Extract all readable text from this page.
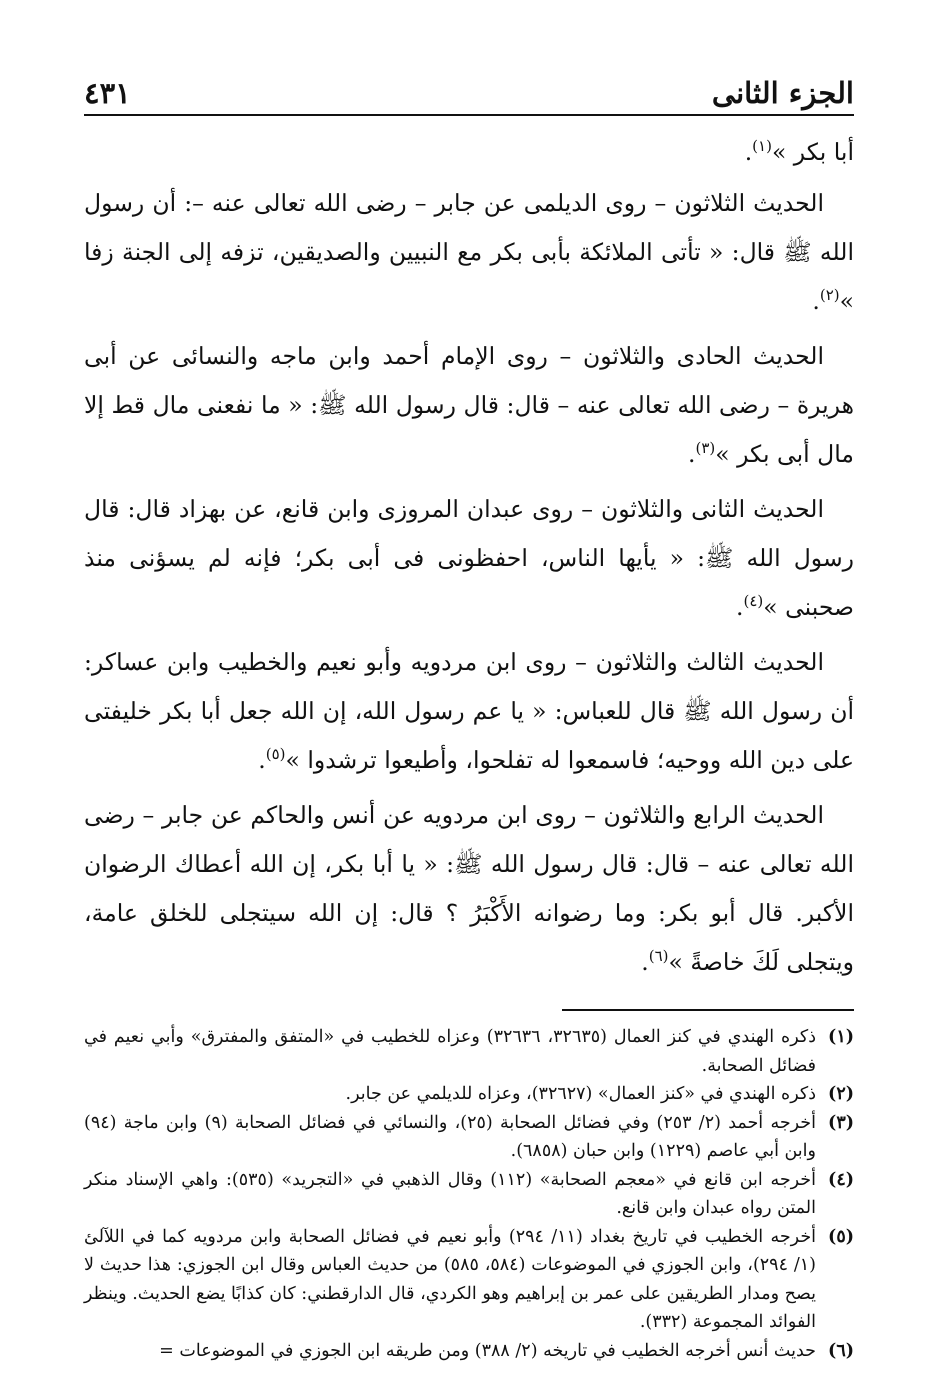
الجزء الثانى
٤٣١

أبا بكر »$^{(١)}$.

الحديث الثلاثون – روى الديلمى عن جابر – رضى الله تعالى عنه –: أن رسول الله ﷺ قال: « تأتى الملائكة بأبى بكر مع النبيين والصديقين، تزفه إلى الجنة زفا »$^{(٢)}$.

الحديث الحادى والثلاثون – روى الإمام أحمد وابن ماجه والنسائى عن أبى هريرة – رضى الله تعالى عنه – قال: قال رسول الله ﷺ: « ما نفعنى مال قط إلا مال أبى بكر »$^{(٣)}$.

الحديث الثانى والثلاثون – روى عبدان المروزى وابن قانع، عن بهزاد قال: قال رسول الله ﷺ: « يأيها الناس، احفظونى فى أبى بكر؛ فإنه لم يسؤنى منذ صحبنى »$^{(٤)}$.

الحديث الثالث والثلاثون – روى ابن مردويه وأبو نعيم والخطيب وابن عساكر: أن رسول الله ﷺ قال للعباس: « يا عم رسول الله، إن الله جعل أبا بكر خليفتى على دين الله ووحيه؛ فاسمعوا له تفلحوا، وأطيعوا ترشدوا »$^{(٥)}$.

الحديث الرابع والثلاثون – روى ابن مردويه عن أنس والحاكم عن جابر – رضى الله تعالى عنه – قال: قال رسول الله ﷺ: « يا أبا بكر، إن الله أعطاك الرضوان الأكبر. قال أبو بكر: وما رضوانه الأَكْبَرُ ؟ قال: إن الله سيتجلى للخلق عامة، ويتجلى لَكَ خاصةً »$^{(٦)}$.

(١)
ذكره الهندي في كنز العمال (٣٢٦٣٥، ٣٢٦٣٦) وعزاه للخطيب في «المتفق والمفترق» وأبي نعيم في فضائل الصحابة.
(٢)
ذكره الهندي في «كنز العمال» (٣٢٦٢٧)، وعزاه للديلمي عن جابر.
(٣)
أخرجه أحمد (٢/ ٢٥٣) وفي فضائل الصحابة (٢٥)، والنسائي في فضائل الصحابة (٩) وابن ماجة (٩٤) وابن أبي عاصم (١٢٢٩) وابن حبان (٦٨٥٨).
(٤)
أخرجه ابن قانع في «معجم الصحابة» (١١٢) وقال الذهبي في «التجريد» (٥٣٥): واهي الإسناد منكر المتن رواه عبدان وابن قانع.
(٥)
أخرجه الخطيب في تاريخ بغداد (١١/ ٢٩٤) وأبو نعيم في فضائل الصحابة وابن مردويه كما في اللآلئ (١/ ٢٩٤)، وابن الجوزي في الموضوعات (٥٨٤، ٥٨٥) من حديث العباس وقال ابن الجوزي: هذا حديث لا يصح ومدار الطريقين على عمر بن إبراهيم وهو الكردي، قال الدارقطني: كان كذابًا يضع الحديث. وينظر الفوائد المجموعة (٣٣٢).
(٦)
حديث أنس أخرجه الخطيب في تاريخه (٢/ ٣٨٨) ومن طريقه ابن الجوزي في الموضوعات =
